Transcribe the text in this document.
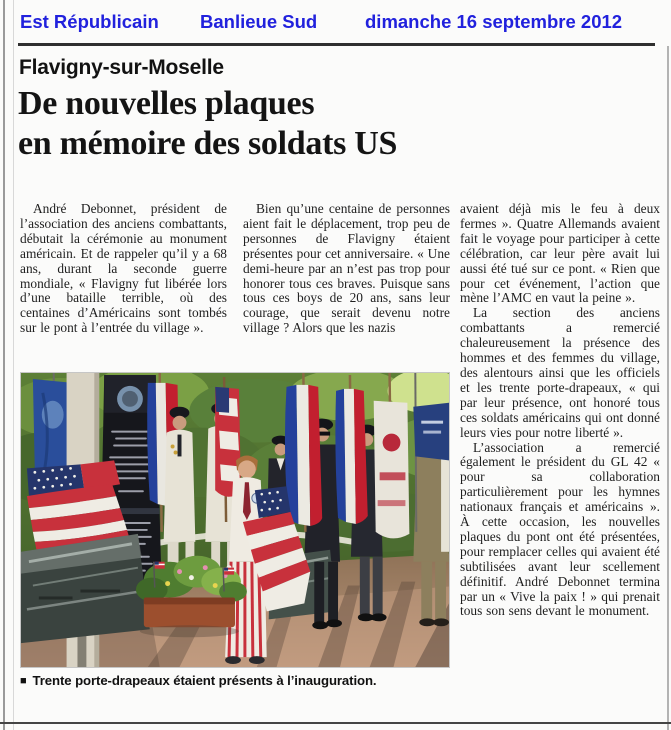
Est Républicain Banlieue Sud	dimanche 16 septembre 2012
Flavigny-sur-Moselle
De nouvelles plaques
en mémoire des soldats US

André Debonnet, président de l’association des anciens combattants, débutait la cérémonie au monument américain. Et de rappeler qu’il y a 68 ans, durant la seconde guerre mondiale, « Flavigny fut libérée lors d’une bataille terrible, où des centaines d’Américains sont tombés sur le pont à l’entrée du village ».

Bien qu’une centaine de personnes aient fait le déplacement, trop peu de personnes de Flavigny étaient présentes pour cet anniversaire. « Une demi-heure par an n’est pas trop pour honorer tous ces braves. Puisque sans tous ces boys de 20 ans, sans leur courage, que serait devenu notre village ? Alors que les nazis

■ Trente porte-drapeaux étaient présents à l’inauguration.

avaient déjà mis le feu à deux fermes ». Quatre Allemands avaient fait le voyage pour participer à cette célébration, car leur père avait lui aussi été tué sur ce pont. « Rien que pour cet événement, l’action que mène l’AMC en vaut la peine ».

La section des anciens combattants a remercié chaleureusement la présence des hommes et des femmes du village, des alentours ainsi que les officiels et les trente porte-drapeaux, « qui par leur présence, ont honoré tous ces soldats américains qui ont donné leurs vies pour notre liberté ».

L’association a remercié également le président du GL 42 « pour sa collaboration particulièrement pour les hymnes nationaux français et américains ». À cette occasion, les nouvelles plaques du pont ont été présentées, pour remplacer celles qui avaient été subtilisées avant leur scellement définitif. André Debonnet termina par un « Vive la paix ! » qui prenait tous son sens devant le monument.
